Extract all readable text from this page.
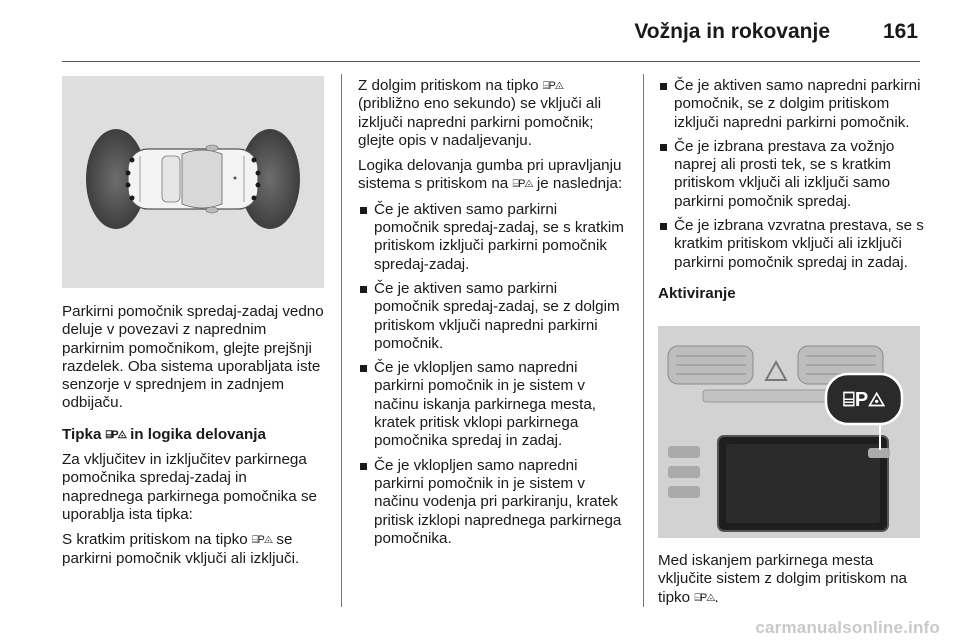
Vožnja in rokovanje	161

Parkirni pomočnik spredaj-zadaj vedno deluje v povezavi z naprednim parkirnim pomočnikom, glejte prejšnji razdelek. Oba sistema uporabljata iste senzorje v sprednjem in zadnjem odbijaču.

Tipka ⌸P◬ in logika delovanja

Za vključitev in izključitev parkirnega pomočnika spredaj-zadaj in naprednega parkirnega pomočnika se uporablja ista tipka:

S kratkim pritiskom na tipko ⌸P◬ se parkirni pomočnik vključi ali izključi.

Z dolgim pritiskom na tipko ⌸P◬ (približno eno sekundo) se vključi ali izključi napredni parkirni pomočnik; glejte opis v nadaljevanju.

Logika delovanja gumba pri upravljanju sistema s pritiskom na ⌸P◬ je naslednja:

Če je aktiven samo parkirni pomočnik spredaj-zadaj, se s kratkim pritiskom izključi parkirni pomočnik spredaj-zadaj.
Če je aktiven samo parkirni pomočnik spredaj-zadaj, se z dolgim pritiskom vključi napredni parkirni pomočnik.
Če je vklopljen samo napredni parkirni pomočnik in je sistem v načinu iskanja parkirnega mesta, kratek pritisk vklopi parkirnega pomočnika spredaj in zadaj.
Če je vklopljen samo napredni parkirni pomočnik in je sistem v načinu vodenja pri parkiranju, kratek pritisk izklopi naprednega parkirnega pomočnika.
Če je aktiven samo napredni parkirni pomočnik, se z dolgim pritiskom izključi napredni parkirni pomočnik.
Če je izbrana prestava za vožnjo naprej ali prosti tek, se s kratkim pritiskom vključi ali izključi samo parkirni pomočnik spredaj.
Če je izbrana vzvratna prestava, se s kratkim pritiskom vključi ali izključi parkirni pomočnik spredaj in zadaj.

Aktiviranje

⌸P◬

Med iskanjem parkirnega mesta vključite sistem z dolgim pritiskom na tipko ⌸P◬.

carmanualsonline.info
